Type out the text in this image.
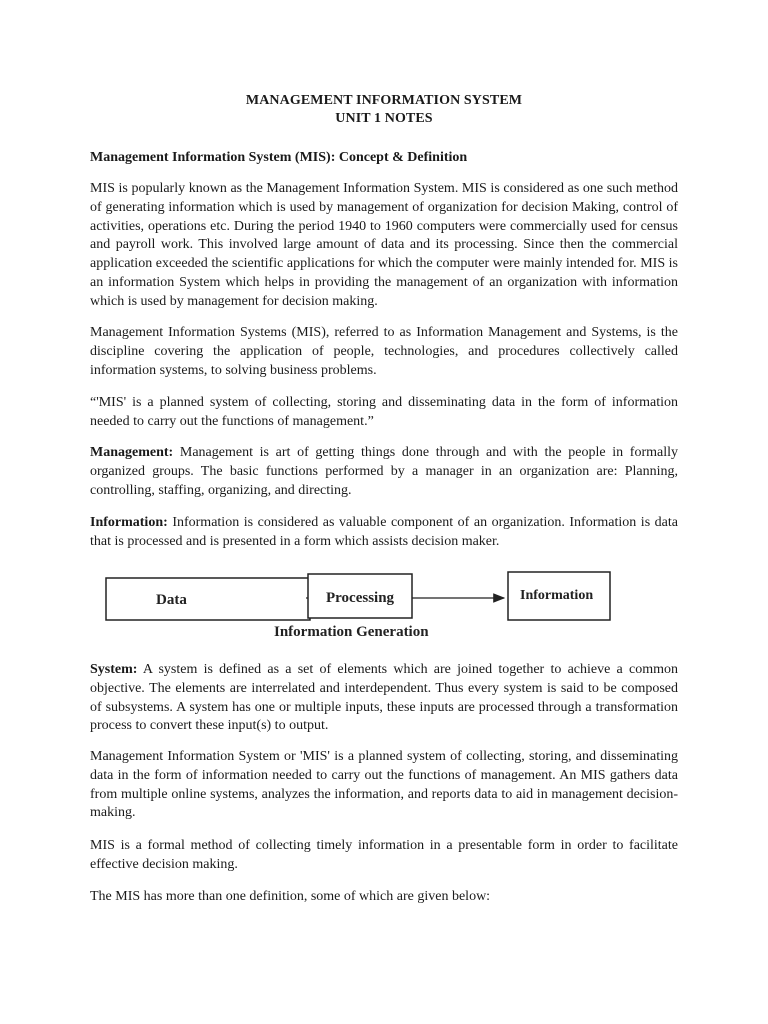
MANAGEMENT INFORMATION SYSTEM
UNIT 1 NOTES
Management Information System (MIS): Concept & Definition

MIS is popularly known as the Management Information System. MIS is considered as one such method of generating information which is used by management of organization for decision Making, control of activities, operations etc. During the period 1940 to 1960 computers were commercially used for census and payroll work. This involved large amount of data and its processing. Since then the commercial application exceeded the scientific applications for which the computer were mainly intended for. MIS is an information System which helps in providing the management of an organization with information which is used by management for decision making.

Management Information Systems (MIS), referred to as Information Management and Systems, is the discipline covering the application of people, technologies, and procedures collectively called information systems, to solving business problems.

“'MIS' is a planned system of collecting, storing and disseminating data in the form of information needed to carry out the functions of management.”

Management: Management is art of getting things done through and with the people in formally organized groups. The basic functions performed by a manager in an organization are: Planning, controlling, staffing, organizing, and directing.

Information: Information is considered as valuable component of an organization. Information is data that is processed and is presented in a form which assists decision maker.

Data	Processing	Information
Information Generation

System: A system is defined as a set of elements which are joined together to achieve a common objective. The elements are interrelated and interdependent. Thus every system is said to be composed of subsystems. A system has one or multiple inputs, these inputs are processed through a transformation process to convert these input(s) to output.

Management Information System or 'MIS' is a planned system of collecting, storing, and disseminating data in the form of information needed to carry out the functions of management. An MIS gathers data from multiple online systems, analyzes the information, and reports data to aid in management decision-making.

MIS is a formal method of collecting timely information in a presentable form in order to facilitate effective decision making.

The MIS has more than one definition, some of which are given below:
